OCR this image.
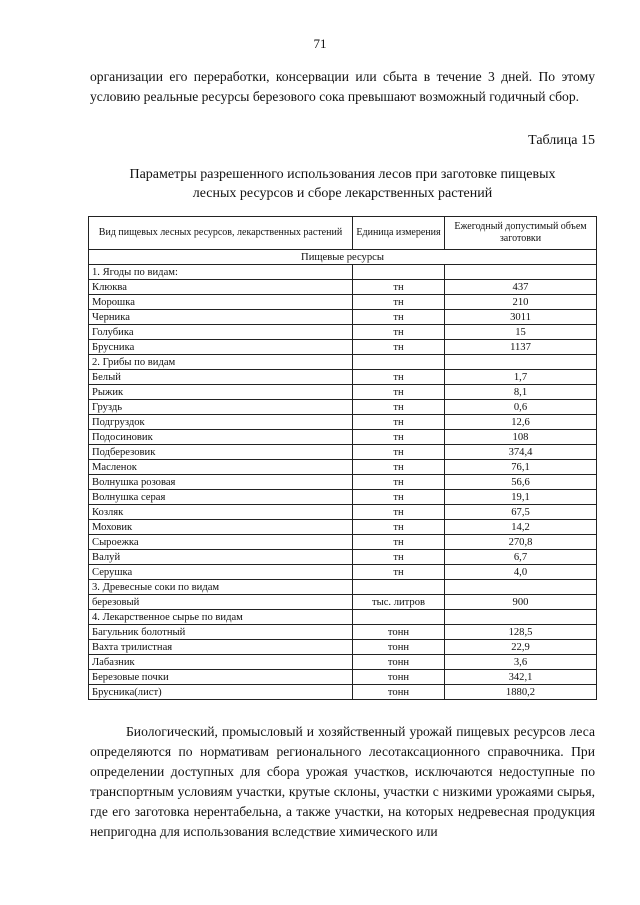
71

организации его переработки, консервации или сбыта в течение 3 дней. По этому условию реальные ресурсы березового сока превышают возможный годичный сбор.

Таблица 15
Параметры разрешенного использования лесов при заготовке пищевых
лесных ресурсов и сборе лекарственных растений
Вид пищевых лесных ресурсов, лекарственных растений	Единица измерения	Ежегодный допустимый объем заготовки
Пищевые ресурсы		
1. Ягоды по видам:		
Клюква	тн	437
Морошка	тн	210
Черника	тн	3011
Голубика	тн	15
Брусника	тн	1137
2. Грибы по видам		
Белый	тн	1,7
Рыжик	тн	8,1
Груздь	тн	0,6
Подгруздок	тн	12,6
Подосиновик	тн	108
Подберезовик	тн	374,4
Масленок	тн	76,1
Волнушка розовая	тн	56,6
Волнушка серая	тн	19,1
Козляк	тн	67,5
Моховик	тн	14,2
Сыроежка	тн	270,8
Валуй	тн	6,7
Серушка	тн	4,0
3. Древесные соки по видам		
березовый	тыс. литров	900
4. Лекарственное сырье по видам		
Багульник болотный	тонн	128,5
Вахта трилистная	тонн	22,9
Лабазник	тонн	3,6
Березовые почки	тонн	342,1
Брусника(лист)	тонн	1880,2

Биологический, промысловый и хозяйственный урожай пищевых ресурсов леса определяются по нормативам регионального лесотаксационного справочника. При определении доступных для сбора урожая участков, исключаются недоступные по транспортным условиям участки, крутые склоны, участки с низкими урожаями сырья, где его заготовка нерентабельна, а также участки, на которых недревесная продукция непригодна для использования вследствие химического или
